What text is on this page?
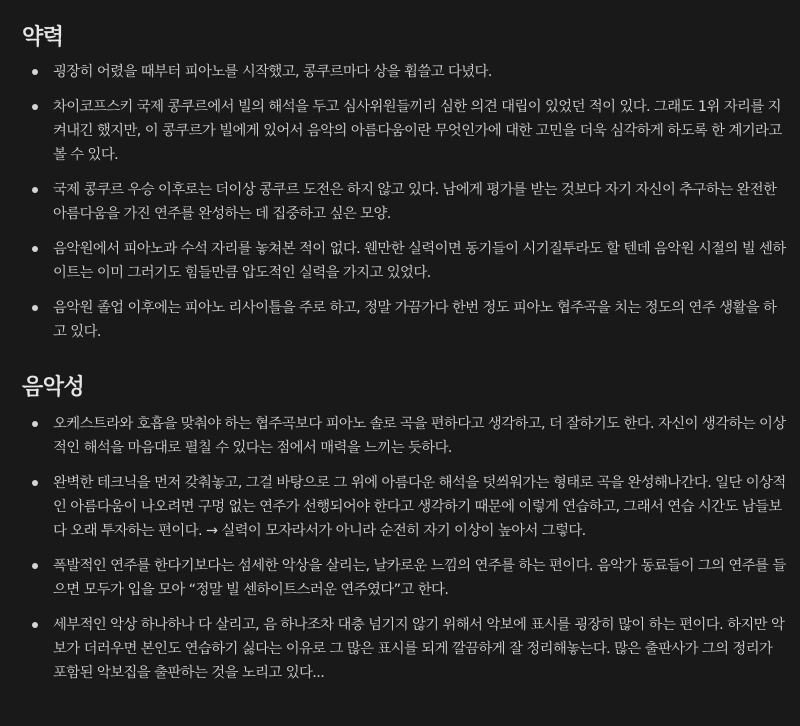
약력
굉장히 어렸을 때부터 피아노를 시작했고, 콩쿠르마다 상을 휩쓸고 다녔다.
차이코프스키 국제 콩쿠르에서 빌의 해석을 두고 심사위원들끼리 심한 의견 대립이 있었던 적이 있다. 그래도 1위 자리를 지켜내긴 했지만, 이 콩쿠르가 빌에게 있어서 음악의 아름다움이란 무엇인가에 대한 고민을 더욱 심각하게 하도록 한 계기라고 볼 수 있다.
국제 콩쿠르 우승 이후로는 더이상 콩쿠르 도전은 하지 않고 있다. 남에게 평가를 받는 것보다 자기 자신이 추구하는 완전한 아름다움을 가진 연주를 완성하는 데 집중하고 싶은 모양.
음악원에서 피아노과 수석 자리를 놓쳐본 적이 없다. 웬만한 실력이면 동기들이 시기질투라도 할 텐데 음악원 시절의 빌 센하이트는 이미 그러기도 힘들만큼 압도적인 실력을 가지고 있었다.
음악원 졸업 이후에는 피아노 리사이틀을 주로 하고, 정말 가끔가다 한번 정도 피아노 협주곡을 치는 정도의 연주 생활을 하고 있다.
음악성
오케스트라와 호흡을 맞춰야 하는 협주곡보다 피아노 솔로 곡을 편하다고 생각하고, 더 잘하기도 한다. 자신이 생각하는 이상적인 해석을 마음대로 펼칠 수 있다는 점에서 매력을 느끼는 듯하다.
완벽한 테크닉을 먼저 갖춰놓고, 그걸 바탕으로 그 위에 아름다운 해석을 덧씌워가는 형태로 곡을 완성해나간다. 일단 이상적인 아름다움이 나오려면 구멍 없는 연주가 선행되어야 한다고 생각하기 때문에 이렇게 연습하고, 그래서 연습 시간도 남들보다 오래 투자하는 편이다. → 실력이 모자라서가 아니라 순전히 자기 이상이 높아서 그렇다.
폭발적인 연주를 한다기보다는 섬세한 악상을 살리는, 날카로운 느낌의 연주를 하는 편이다. 음악가 동료들이 그의 연주를 들으면 모두가 입을 모아 “정말 빌 센하이트스러운 연주였다”고 한다.
세부적인 악상 하나하나 다 살리고, 음 하나조차 대충 넘기지 않기 위해서 악보에 표시를 굉장히 많이 하는 편이다. 하지만 악보가 더러우면 본인도 연습하기 싫다는 이유로 그 많은 표시를 되게 깔끔하게 잘 정리해놓는다. 많은 출판사가 그의 정리가 포함된 악보집을 출판하는 것을 노리고 있다...
